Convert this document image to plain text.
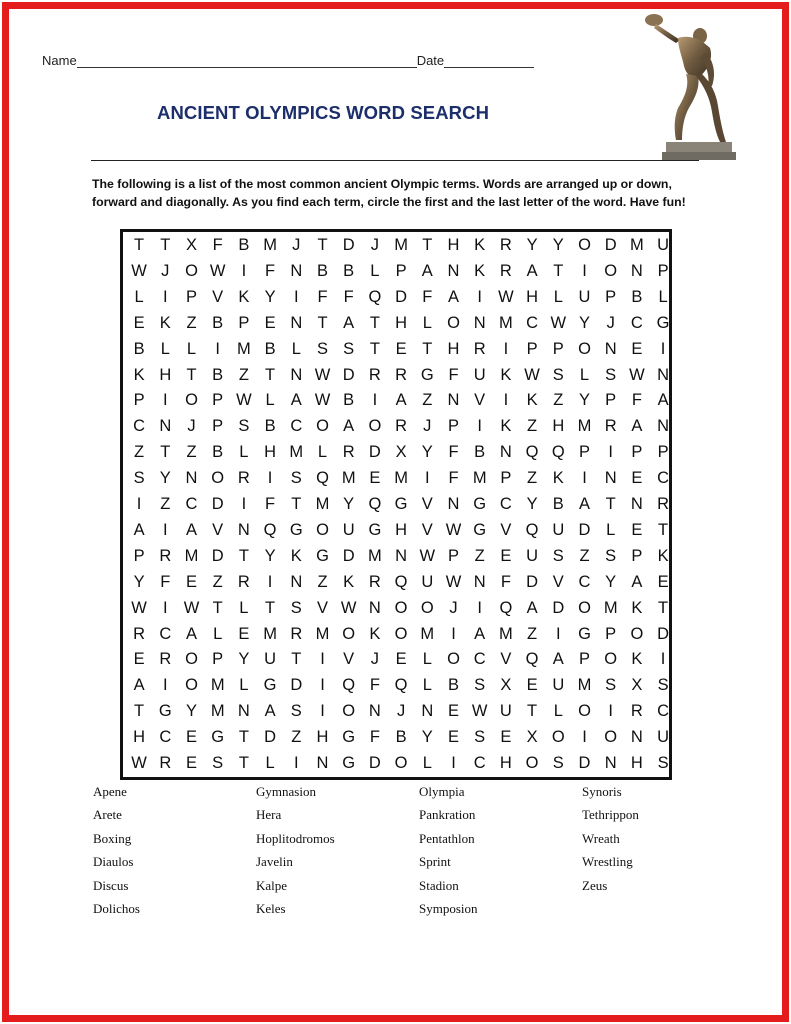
Name	Date
ANCIENT OLYMPICS WORD SEARCH
The following is a list of the most common ancient Olympic terms. Words are arranged up or down, forward and diagonally. As you find each term, circle the first and the last letter of the word. Have fun!
T T X F B M J	T D J M T H K R Y Y O D M U
W J O W I	F N B B L P A N K R A T	I	O N P
L	I	P V K Y	I	F F Q D F A	I W H L U P B L
E K Z B P E N T A T H L O N M C W Y	J C G
B L	L	I	M B L S S T E T H R	I	P P O N E	I
K H T B Z T N W D R R G F U K W S L S W N
P	I	O P W L A W B	I	A Z N V	I	K Z Y P F A
C N J	P S B C O A O R J	P	I	K Z H M R A N
Z T Z B L H M L R D X Y F B N Q Q P	I	P P
S Y N O R	I	S Q M E M	I	F M P Z K	I	N E C
I	Z C D	I	F T M Y Q G V N G C Y B A T N R
A	I	A V N Q G O U G H V W G V Q U D L E T
P R M D T Y K G D M N W P Z E U S Z S P K
Y F E Z R	I	N Z K R Q U W N F D V C Y A E
W I W T	L	T S V W N O O J	I	Q A D O M K T
R C A L E M R M O K O M	I	A M Z	I	G P O D
E R O P Y U T	I	V	J	E L O C V Q A P O K	I
A	I	O M L G D	I	Q F Q L B S X E U M S X S
T G Y M N A S	I	O N J N E W U T	L O	I	R C
H C E G T D Z H G F B Y E S E X O	I	O N U
W R E S T	L	I	N G D O L	I	C H O S D N H S
Apene
Arete
Boxing
Diaulos
Discus
Dolichos
Gymnasion
Hera
Hoplitodromos
Javelin
Kalpe
Keles
Olympia
Pankration
Pentathlon
Sprint
Stadion
Symposion
Synoris
Tethrippon
Wreath
Wrestling
Zeus
